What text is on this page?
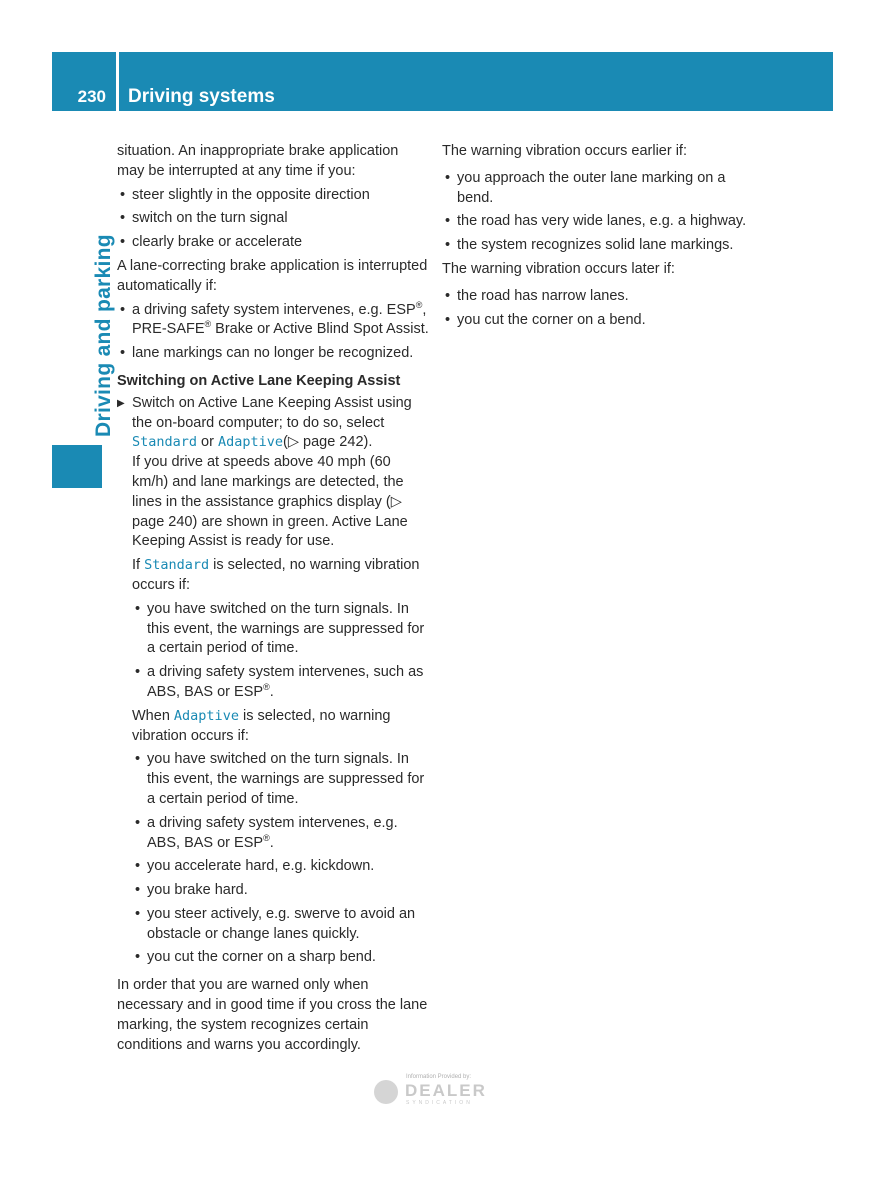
230 Driving systems
Driving and parking

situation. An inappropriate brake application may be interrupted at any time if you:

• steer slightly in the opposite direction
• switch on the turn signal
• clearly brake or accelerate

A lane-correcting brake application is interrupted automatically if:

• a driving safety system intervenes, e.g. ESP®, PRE-SAFE® Brake or Active Blind Spot Assist.
• lane markings can no longer be recognized.
Switching on Active Lane Keeping Assist
▶ Switch on Active Lane Keeping Assist using the on-board computer; to do so, select Standard or Adaptive(▷ page 242).

If you drive at speeds above 40 mph (60 km/h) and lane markings are detected, the lines in the assistance graphics display (▷ page 240) are shown in green. Active Lane Keeping Assist is ready for use.

If Standard is selected, no warning vibration occurs if:

• you have switched on the turn signals. In this event, the warnings are suppressed for a certain period of time.
• a driving safety system intervenes, such as ABS, BAS or ESP®.

When Adaptive is selected, no warning vibration occurs if:

• you have switched on the turn signals. In this event, the warnings are suppressed for a certain period of time.
• a driving safety system intervenes, e.g. ABS, BAS or ESP®.
• you accelerate hard, e.g. kickdown.
• you brake hard.
• you steer actively, e.g. swerve to avoid an obstacle or change lanes quickly.
• you cut the corner on a sharp bend.

In order that you are warned only when necessary and in good time if you cross the lane marking, the system recognizes certain conditions and warns you accordingly.

The warning vibration occurs earlier if:

• you approach the outer lane marking on a bend.
• the road has very wide lanes, e.g. a highway.
• the system recognizes solid lane markings.

The warning vibration occurs later if:

• the road has narrow lanes.
• you cut the corner on a bend.
Information Provided by:
DEALER
SYNDICATION
